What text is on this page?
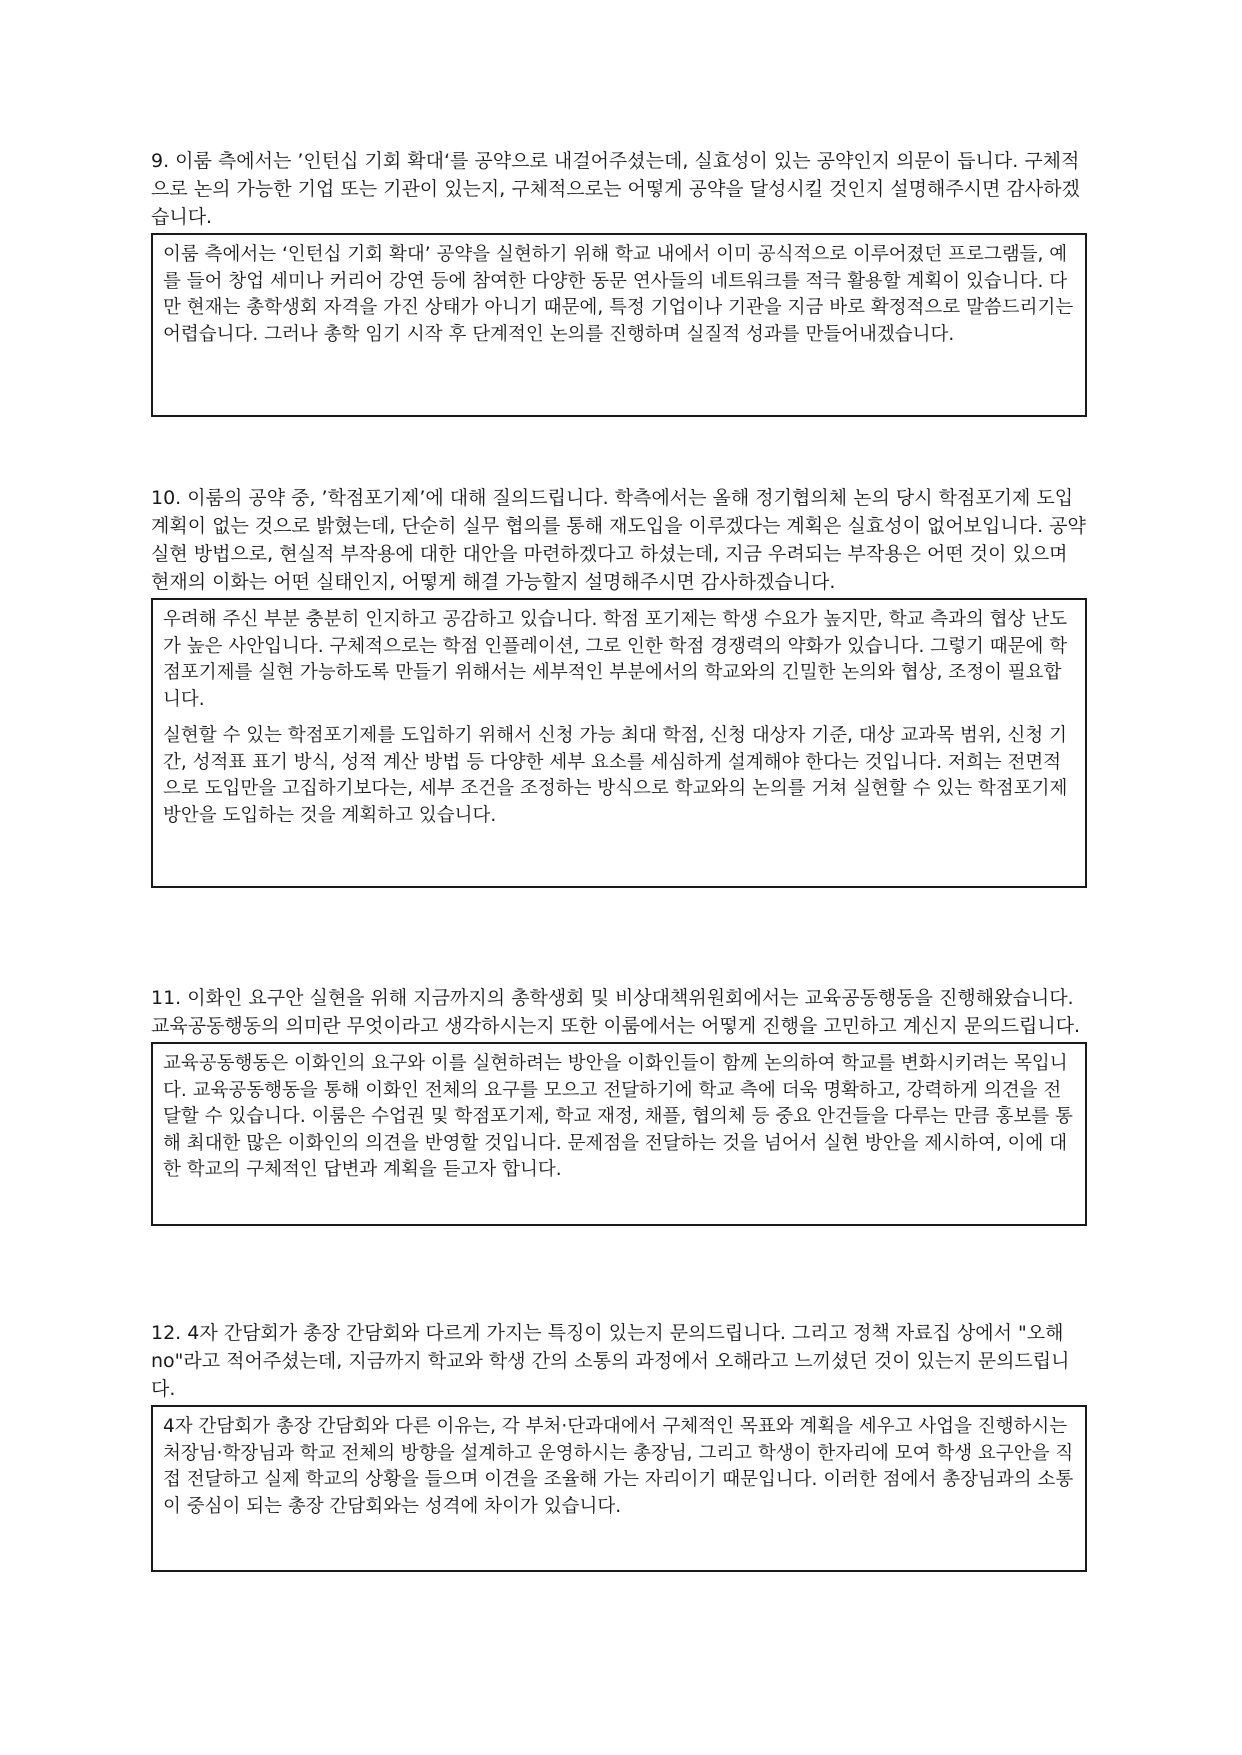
9. 이룸 측에서는 ’인턴십 기회 확대‘를 공약으로 내걸어주셨는데, 실효성이 있는 공약인지 의문이 듭니다. 구체적으로 논의 가능한 기업 또는 기관이 있는지, 구체적으로는 어떻게 공약을 달성시킬 것인지 설명해주시면 감사하겠습니다.

이룸 측에서는 ‘인턴십 기회 확대’ 공약을 실현하기 위해 학교 내에서 이미 공식적으로 이루어졌던 프로그램들, 예를 들어 창업 세미나 커리어 강연 등에 참여한 다양한 동문 연사들의 네트워크를 적극 활용할 계획이 있습니다. 다만 현재는 총학생회 자격을 가진 상태가 아니기 때문에, 특정 기업이나 기관을 지금 바로 확정적으로 말씀드리기는 어렵습니다. 그러나 총학 임기 시작 후 단계적인 논의를 진행하며 실질적 성과를 만들어내겠습니다.

10. 이룸의 공약 중, ’학점포기제’에 대해 질의드립니다. 학측에서는 올해 정기협의체 논의 당시 학점포기제 도입 계획이 없는 것으로 밝혔는데, 단순히 실무 협의를 통해 재도입을 이루겠다는 계획은 실효성이 없어보입니다. 공약 실현 방법으로, 현실적 부작용에 대한 대안을 마련하겠다고 하셨는데, 지금 우려되는 부작용은 어떤 것이 있으며 현재의 이화는 어떤 실태인지, 어떻게 해결 가능할지 설명해주시면 감사하겠습니다.

우려해 주신 부분 충분히 인지하고 공감하고 있습니다. 학점 포기제는 학생 수요가 높지만, 학교 측과의 협상 난도가 높은 사안입니다. 구체적으로는 학점 인플레이션, 그로 인한 학점 경쟁력의 약화가 있습니다. 그렇기 때문에 학점포기제를 실현 가능하도록 만들기 위해서는 세부적인 부분에서의 학교와의 긴밀한 논의와 협상, 조정이 필요합니다.

실현할 수 있는 학점포기제를 도입하기 위해서 신청 가능 최대 학점, 신청 대상자 기준, 대상 교과목 범위, 신청 기간, 성적표 표기 방식, 성적 계산 방법 등 다양한 세부 요소를 세심하게 설계해야 한다는 것입니다. 저희는 전면적으로 도입만을 고집하기보다는, 세부 조건을 조정하는 방식으로 학교와의 논의를 거쳐 실현할 수 있는 학점포기제 방안을 도입하는 것을 계획하고 있습니다.

11. 이화인 요구안 실현을 위해 지금까지의 총학생회 및 비상대책위원회에서는 교육공동행동을 진행해왔습니다. 교육공동행동의 의미란 무엇이라고 생각하시는지 또한 이룸에서는 어떻게 진행을 고민하고 계신지 문의드립니다.

교육공동행동은 이화인의 요구와 이를 실현하려는 방안을 이화인들이 함께 논의하여 학교를 변화시키려는 목입니다. 교육공동행동을 통해 이화인 전체의 요구를 모으고 전달하기에 학교 측에 더욱 명확하고, 강력하게 의견을 전달할 수 있습니다. 이룸은 수업권 및 학점포기제, 학교 재정, 채플, 협의체 등 중요 안건들을 다루는 만큼 홍보를 통해 최대한 많은 이화인의 의견을 반영할 것입니다. 문제점을 전달하는 것을 넘어서 실현 방안을 제시하여, 이에 대한 학교의 구체적인 답변과 계획을 듣고자 합니다.

12. 4자 간담회가 총장 간담회와 다르게 가지는 특징이 있는지 문의드립니다. 그리고 정책 자료집 상에서 "오해 no"라고 적어주셨는데, 지금까지 학교와 학생 간의 소통의 과정에서 오해라고 느끼셨던 것이 있는지 문의드립니다.

4자 간담회가 총장 간담회와 다른 이유는, 각 부처·단과대에서 구체적인 목표와 계획을 세우고 사업을 진행하시는 처장님·학장님과 학교 전체의 방향을 설계하고 운영하시는 총장님, 그리고 학생이 한자리에 모여 학생 요구안을 직접 전달하고 실제 학교의 상황을 들으며 이견을 조율해 가는 자리이기 때문입니다. 이러한 점에서 총장님과의 소통이 중심이 되는 총장 간담회와는 성격에 차이가 있습니다.
